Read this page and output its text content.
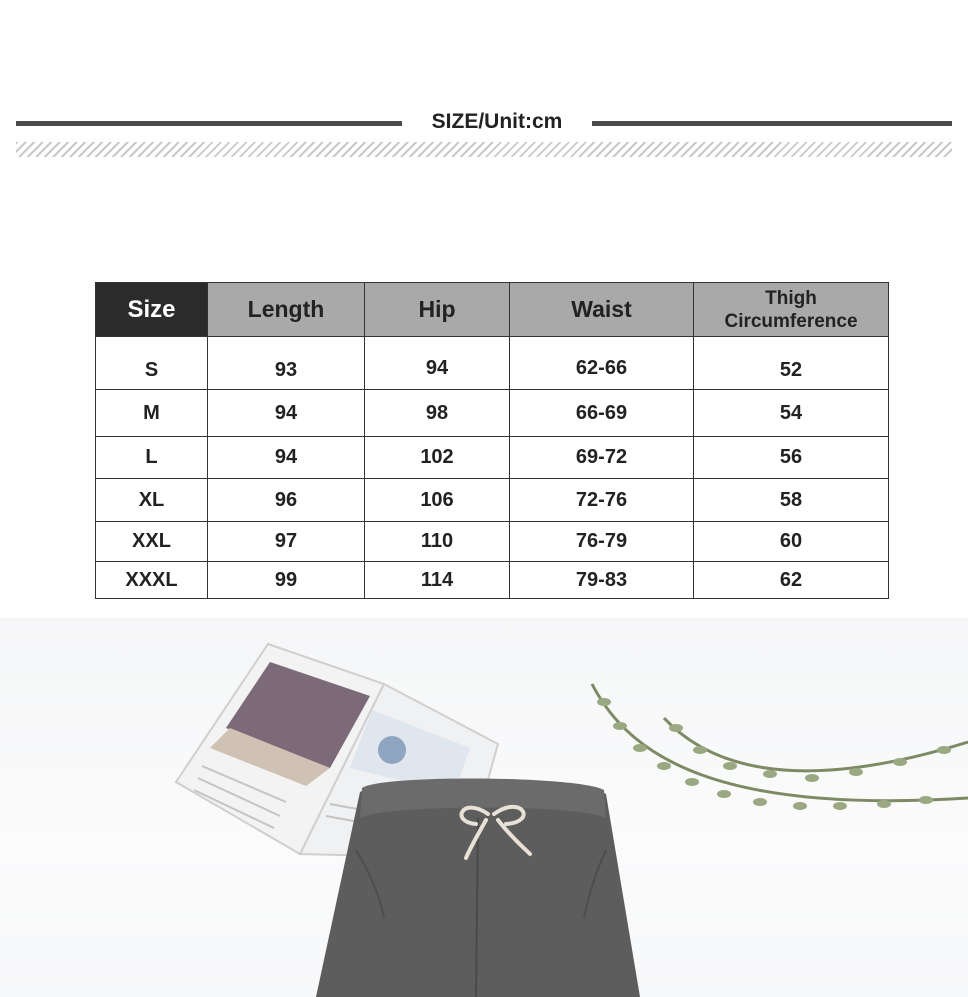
SIZE/Unit:cm
Size	Length	Hip	Waist	Thigh
Circumference
S	93	94	62-66	52
M	94	98	66-69	54
L	94	102	69-72	56
XL	96	106	72-76	58
XXL	97	110	76-79	60
XXXL	99	114	79-83	62
